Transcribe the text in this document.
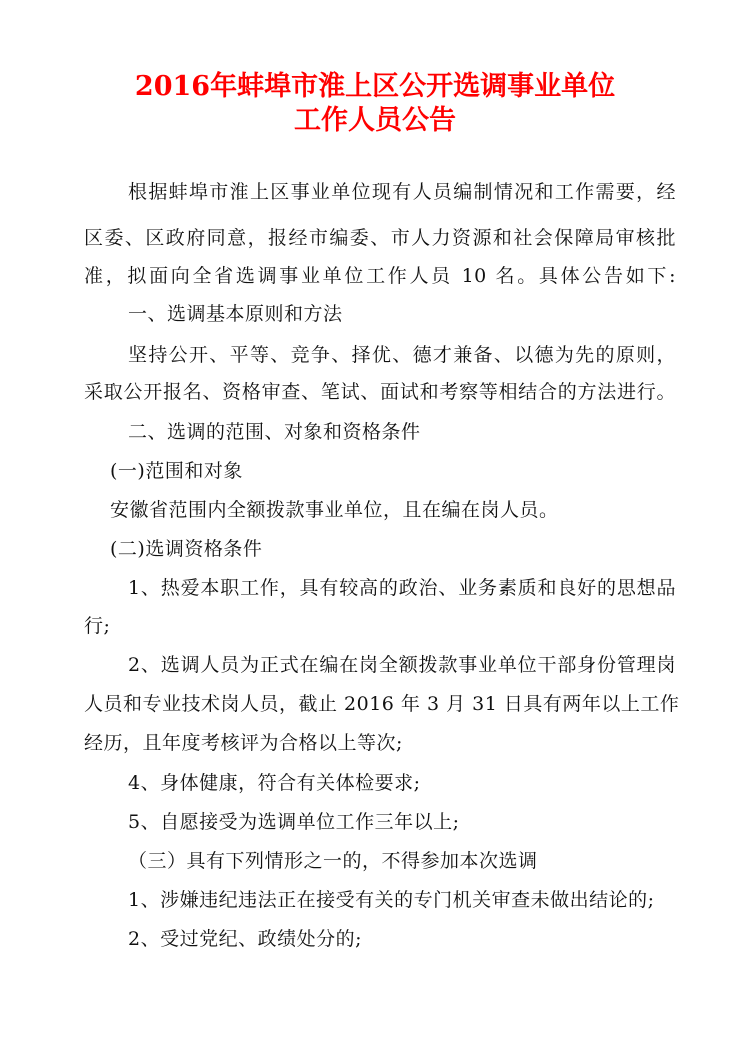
2016年蚌埠市淮上区公开选调事业单位
工作人员公告
根据蚌埠市淮上区事业单位现有人员编制情况和工作需要，经
区委、区政府同意，报经市编委、市人力资源和社会保障局审核批
准，拟面向全省选调事业单位工作人员 10 名。具体公告如下:
一、选调基本原则和方法
坚持公开、平等、竞争、择优、德才兼备、以德为先的原则，
采取公开报名、资格审查、笔试、面试和考察等相结合的方法进行。
二、选调的范围、对象和资格条件
(一)范围和对象
安徽省范围内全额拨款事业单位，且在编在岗人员。
(二)选调资格条件
1、热爱本职工作，具有较高的政治、业务素质和良好的思想品
行;
2、选调人员为正式在编在岗全额拨款事业单位干部身份管理岗
人员和专业技术岗人员，截止 2016 年 3 月 31 日具有两年以上工作
经历，且年度考核评为合格以上等次;
4、身体健康，符合有关体检要求;
5、自愿接受为选调单位工作三年以上;
（三）具有下列情形之一的，不得参加本次选调
1、涉嫌违纪违法正在接受有关的专门机关审查未做出结论的;
2、受过党纪、政绩处分的;
